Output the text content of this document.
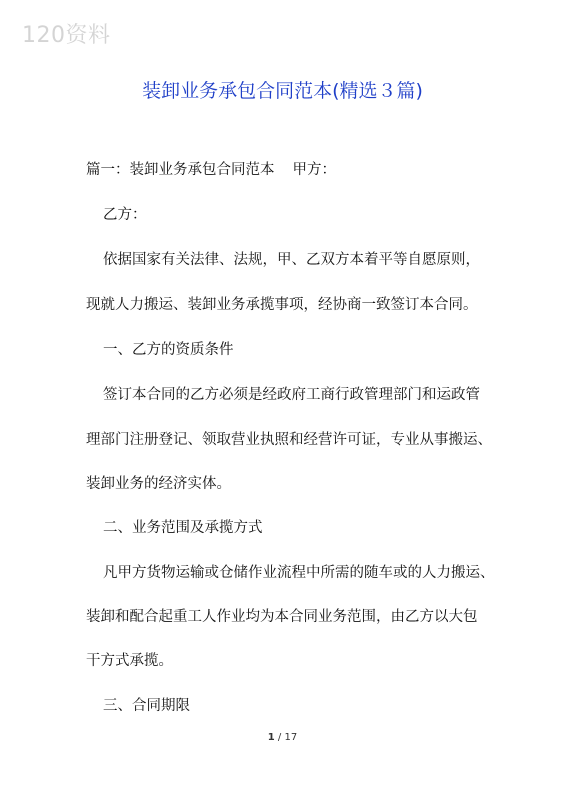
120资料
装卸业务承包合同范本(精选３篇)
篇一：装卸业务承包合同范本 甲方：
乙方：
依据国家有关法律、法规，甲、乙双方本着平等自愿原则，
现就人力搬运、装卸业务承揽事项，经协商一致签订本合同。
一、乙方的资质条件
签订本合同的乙方必须是经政府工商行政管理部门和运政管
理部门注册登记、领取营业执照和经营许可证，专业从事搬运、
装卸业务的经济实体。
二、业务范围及承揽方式
凡甲方货物运输或仓储作业流程中所需的随车或的人力搬运、
装卸和配合起重工人作业均为本合同业务范围，由乙方以大包
干方式承揽。
三、合同期限
1 / 17
